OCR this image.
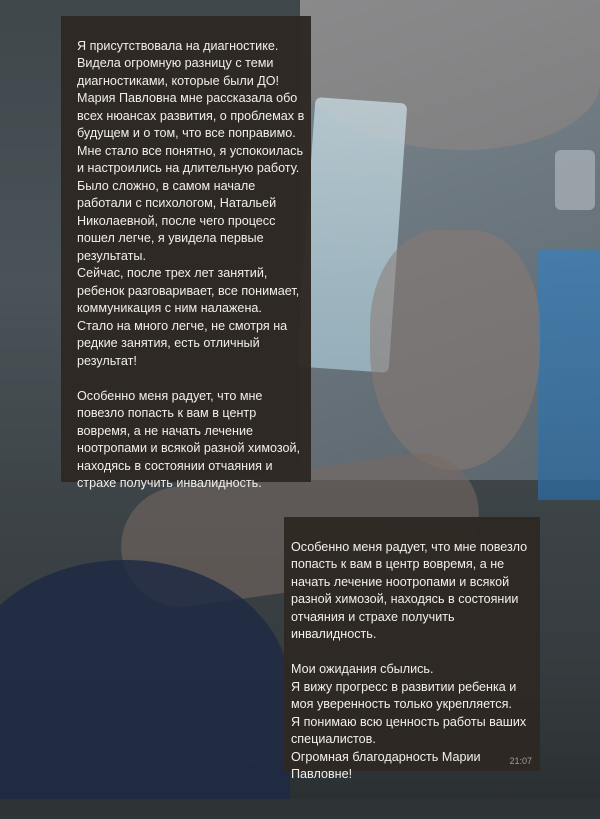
Я присутствовала на диагностике.
Видела огромную разницу с теми диагностиками, которые были ДО!
Мария Павловна мне рассказала обо всех нюансах развития, о проблемах в будущем и о том, что все поправимо.
Мне стало все понятно, я успокоилась и настроились на длительную работу.
Было сложно, в самом начале работали с психологом, Натальей Николаевной, после чего процесс пошел легче, я увидела первые результаты.
Сейчас, после трех лет занятий, ребенок разговаривает, все понимает, коммуникация с ним налажена.
Стало на много легче, не смотря на редкие занятия, есть отличный результат!

Особенно меня радует, что мне повезло попасть к вам в центр вовремя, а не начать лечение ноотропами и всякой разной химозой, находясь в состоянии отчаяния и страхе получить инвалидность.

Особенно меня радует, что мне повезло попасть к вам в центр вовремя, а не начать лечение ноотропами и всякой разной химозой, находясь в состоянии отчаяния и страхе получить инвалидность.

Мои ожидания сбылись.
Я вижу прогресс в развитии ребенка и моя уверенность только укрепляется.
Я понимаю всю ценность работы ваших специалистов.
Огромная благодарность Марии Павловне!

21:07
